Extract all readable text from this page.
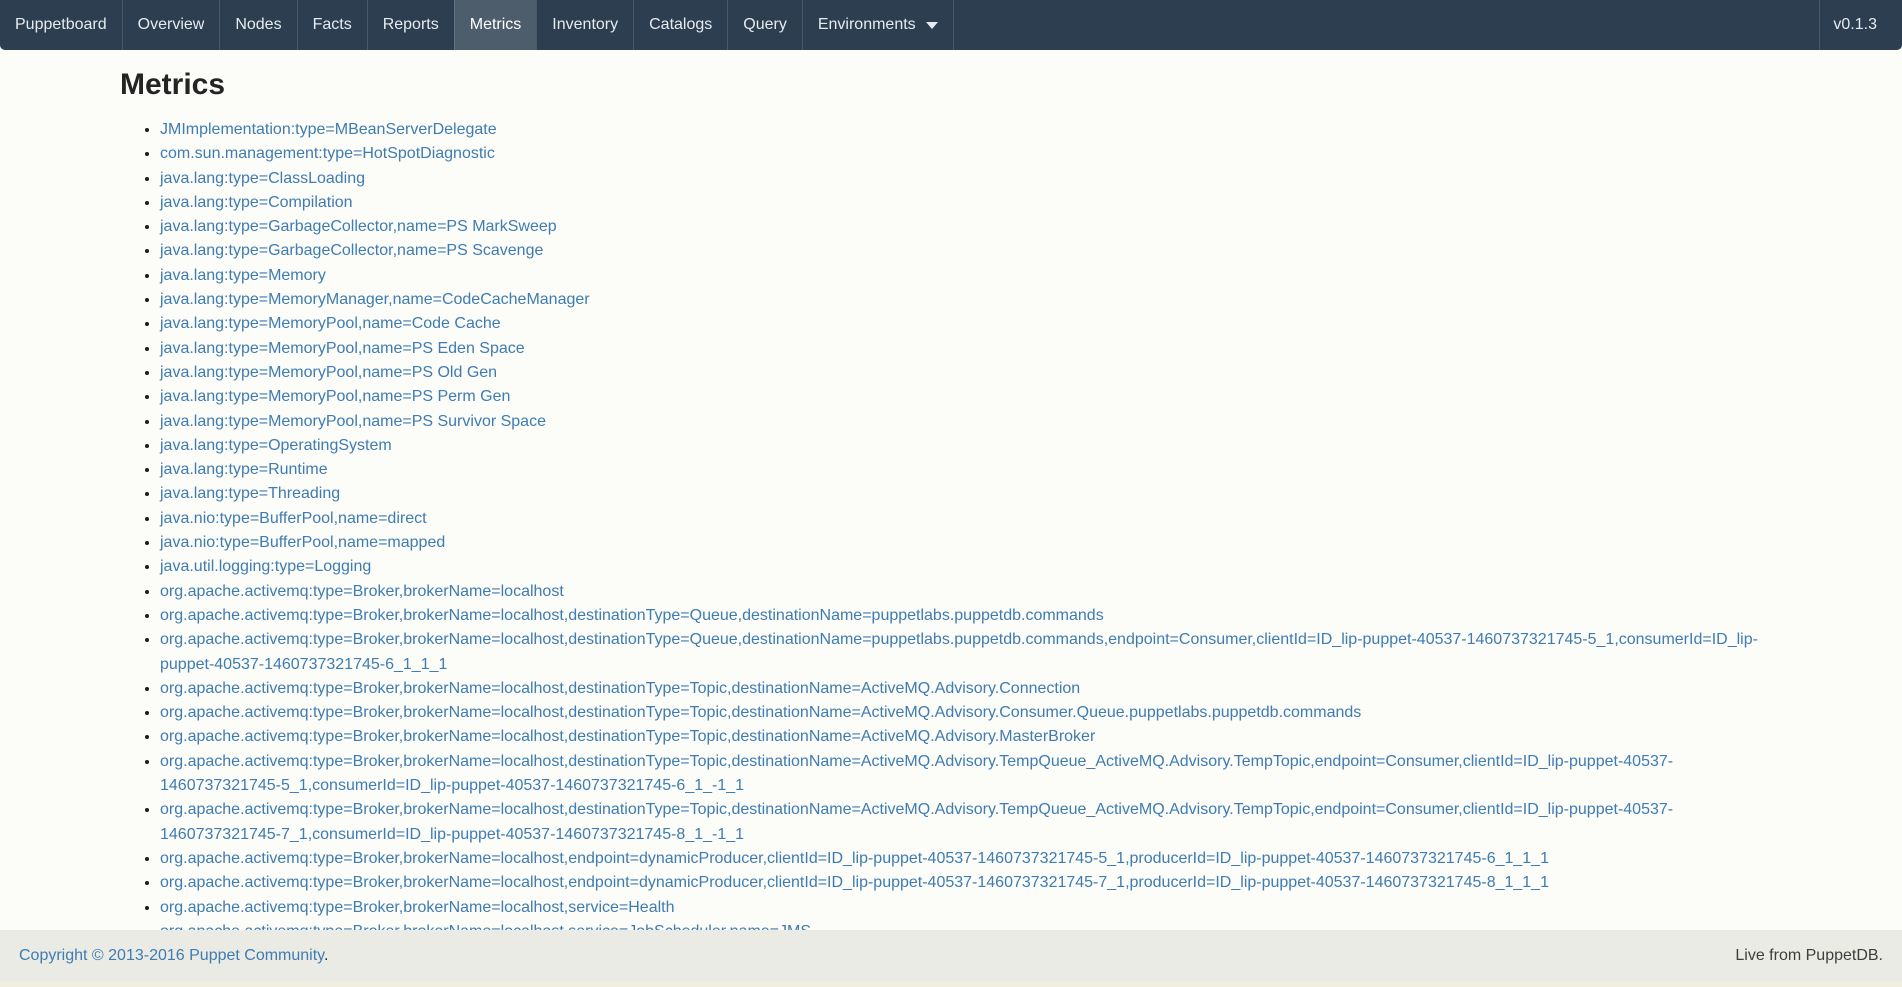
Puppetboard Overview Nodes Facts Reports Metrics Inventory Catalogs Query Environments	v0.1.3
Metrics
• JMImplementation:type=MBeanServerDelegate
• com.sun.management:type=HotSpotDiagnostic
• java.lang:type=ClassLoading
• java.lang:type=Compilation
• java.lang:type=GarbageCollector,name=PS MarkSweep
• java.lang:type=GarbageCollector,name=PS Scavenge
• java.lang:type=Memory
• java.lang:type=MemoryManager,name=CodeCacheManager
• java.lang:type=MemoryPool,name=Code Cache
• java.lang:type=MemoryPool,name=PS Eden Space
• java.lang:type=MemoryPool,name=PS Old Gen
• java.lang:type=MemoryPool,name=PS Perm Gen
• java.lang:type=MemoryPool,name=PS Survivor Space
• java.lang:type=OperatingSystem
• java.lang:type=Runtime
• java.lang:type=Threading
• java.nio:type=BufferPool,name=direct
• java.nio:type=BufferPool,name=mapped
• java.util.logging:type=Logging
• org.apache.activemq:type=Broker,brokerName=localhost
• org.apache.activemq:type=Broker,brokerName=localhost,destinationType=Queue,destinationName=puppetlabs.puppetdb.commands
• org.apache.activemq:type=Broker,brokerName=localhost,destinationType=Queue,destinationName=puppetlabs.puppetdb.commands,endpoint=Consumer,clientId=ID_lip-puppet-40537-1460737321745-5_1,consumerId=ID_lip-puppet-40537-1460737321745-6_1_1_1
• org.apache.activemq:type=Broker,brokerName=localhost,destinationType=Topic,destinationName=ActiveMQ.Advisory.Connection
• org.apache.activemq:type=Broker,brokerName=localhost,destinationType=Topic,destinationName=ActiveMQ.Advisory.Consumer.Queue.puppetlabs.puppetdb.commands
• org.apache.activemq:type=Broker,brokerName=localhost,destinationType=Topic,destinationName=ActiveMQ.Advisory.MasterBroker
• org.apache.activemq:type=Broker,brokerName=localhost,destinationType=Topic,destinationName=ActiveMQ.Advisory.TempQueue_ActiveMQ.Advisory.TempTopic,endpoint=Consumer,clientId=ID_lip-puppet-40537-1460737321745-5_1,consumerId=ID_lip-puppet-40537-1460737321745-6_1_-1_1
• org.apache.activemq:type=Broker,brokerName=localhost,destinationType=Topic,destinationName=ActiveMQ.Advisory.TempQueue_ActiveMQ.Advisory.TempTopic,endpoint=Consumer,clientId=ID_lip-puppet-40537-1460737321745-7_1,consumerId=ID_lip-puppet-40537-1460737321745-8_1_-1_1
• org.apache.activemq:type=Broker,brokerName=localhost,endpoint=dynamicProducer,clientId=ID_lip-puppet-40537-1460737321745-5_1,producerId=ID_lip-puppet-40537-1460737321745-6_1_1_1
• org.apache.activemq:type=Broker,brokerName=localhost,endpoint=dynamicProducer,clientId=ID_lip-puppet-40537-1460737321745-7_1,producerId=ID_lip-puppet-40537-1460737321745-8_1_1_1
• org.apache.activemq:type=Broker,brokerName=localhost,service=Health
•
Copyright © 2013-2016 Puppet Community.	Live from PuppetDB.
